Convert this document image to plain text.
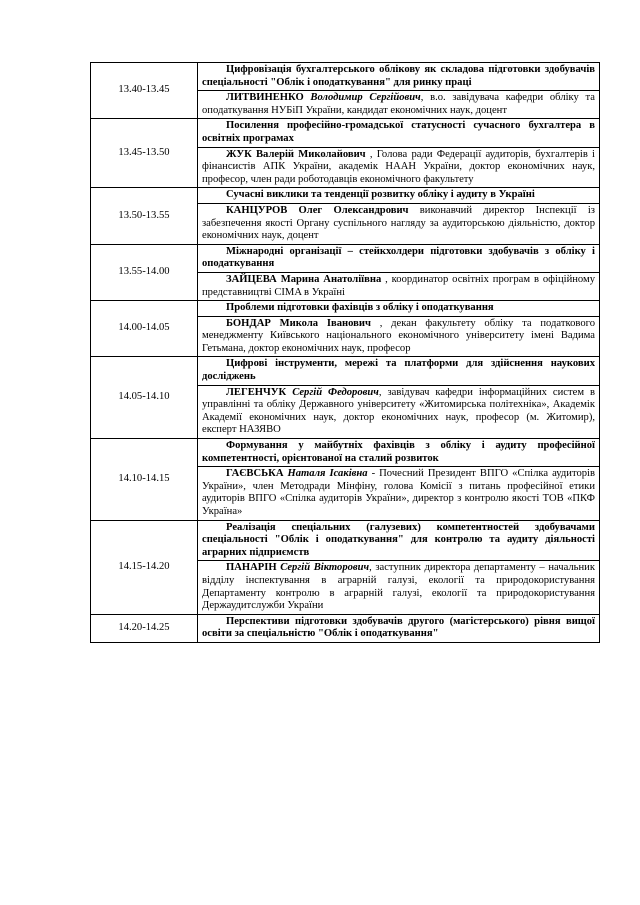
13.40-13.45	Цифровізація бухгалтерського облікову як складова підготовки здобувачів спеціальності "Облік і оподаткування" для ринку праці
	ЛИТВИНЕНКО Володимир Сергійович, в.о. завідувача кафедри обліку та оподаткування НУБіП України, кандидат економічних наук, доцент
13.45-13.50	Посилення професійно-громадської статусності сучасного бухгалтера в освітніх програмах
	ЖУК Валерій Миколайович , Голова ради Федерації аудиторів, бухгалтерів і фінансистів АПК України, академік НААН України, доктор економічних наук, професор, член ради роботодавців економічного факультету
13.50-13.55	Сучасні виклики та тенденції розвитку обліку і аудиту в Україні
	КАНЦУРОВ Олег Олександрович виконавчий директор Інспекції із забезпечення якості Органу суспільного нагляду за аудиторською діяльністю, доктор економічних наук, доцент
13.55-14.00	Міжнародні організації – стейкхолдери підготовки здобувачів з обліку і оподаткування
	ЗАЙЦЕВА Марина Анатоліївна , координатор освітніх програм в офіційному представництві CIMA в Україні
14.00-14.05	Проблеми підготовки фахівців з обліку і оподаткування
	БОНДАР Микола Іванович , декан факультету обліку та податкового менеджменту Київського національного економічного університету імені Вадима Гетьмана, доктор економічних наук, професор
14.05-14.10	Цифрові інструменти, мережі та платформи для здійснення наукових досліджень
	ЛЕГЕНЧУК Сергій Федорович, завідувач кафедри інформаційних систем в управлінні та обліку Державного університету «Житомирська політехніка», Академік Академії економічних наук, доктор економічних наук, професор (м. Житомир), експерт НАЗЯВО
14.10-14.15	Формування у майбутніх фахівців з обліку і аудиту професійної компетентності, орієнтованої на сталий розвиток
	ГАЄВСЬКА Наталя Ісаківна - Почесний Президент ВПГО «Спілка аудиторів України», член Методради Мінфіну, голова Комісії з питань професійної етики аудиторів ВПГО «Спілка аудиторів України», директор з контролю якості ТОВ «ПКФ Україна»
14.15-14.20	Реалізація спеціальних (галузевих) компетентностей здобувачами спеціальності "Облік і оподаткування" для контролю та аудиту діяльності аграрних підприємств
	ПАНАРІН Сергій Вікторович, заступник директора департаменту – начальник відділу інспектування в аграрній галузі, екології та природокористування Департаменту контролю в аграрній галузі, екології та природокористування Держаудитслужби України
14.20-14.25	Перспективи підготовки здобувачів другого (магістерського) рівня вищої освіти за спеціальністю "Облік і оподаткування"
